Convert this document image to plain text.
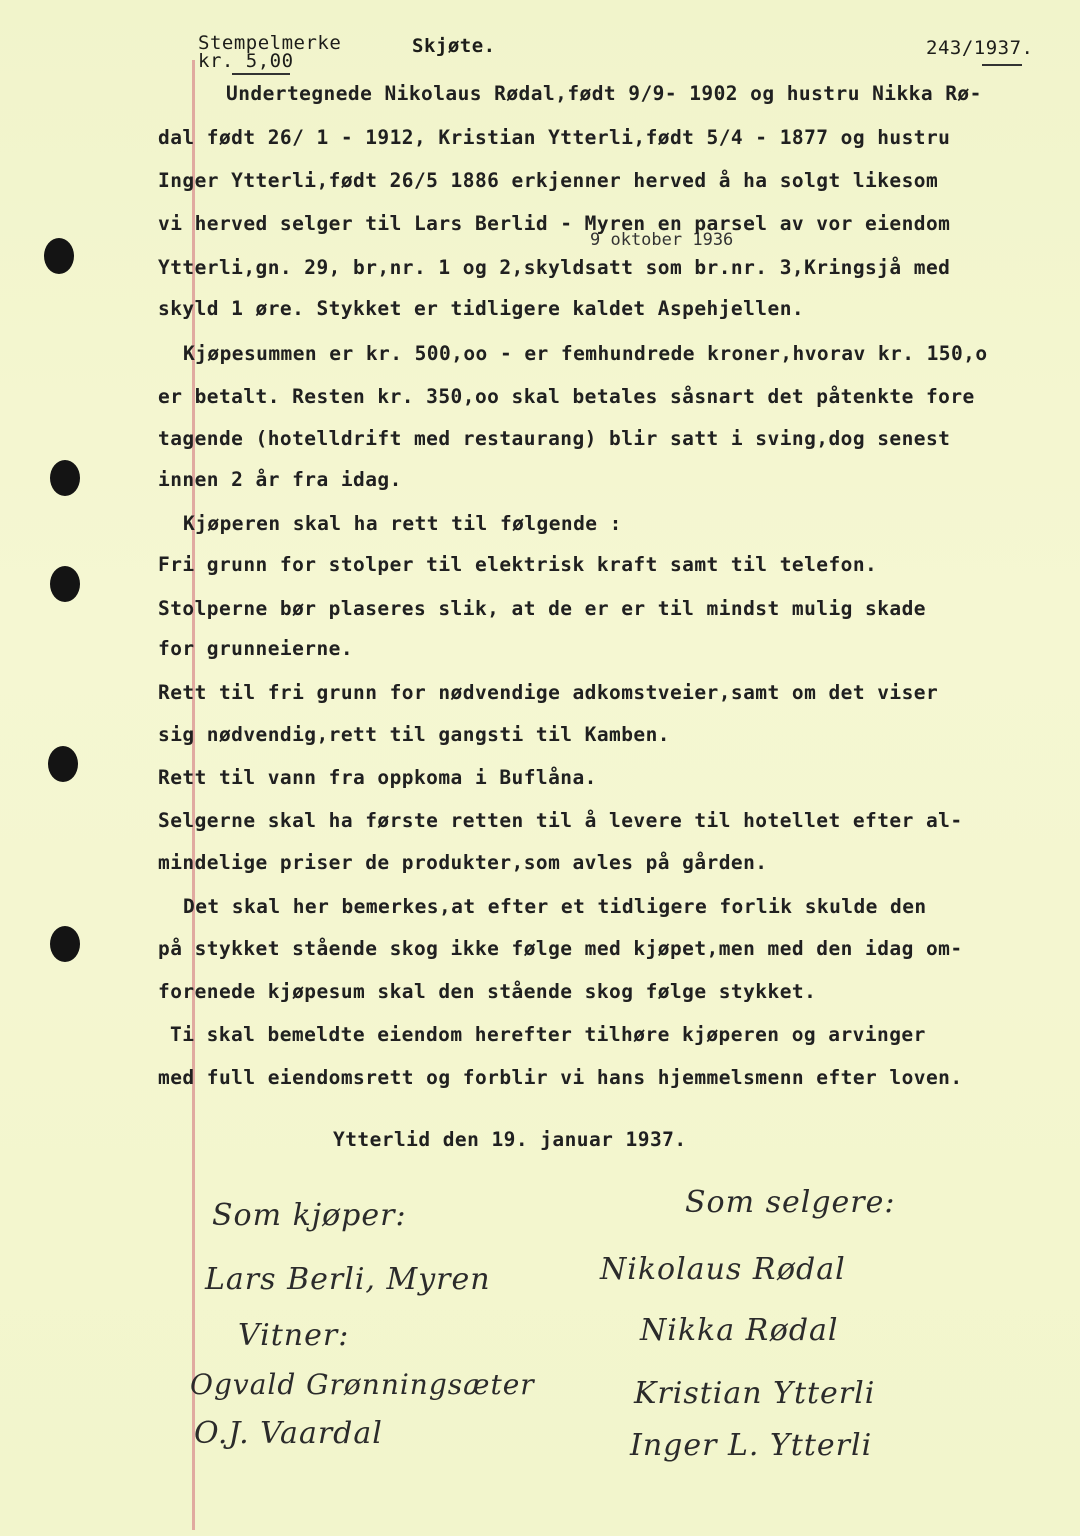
Stempelmerke
kr. 5,00
Skjøte.	243/1937.
9 oktober 1936
Undertegnede Nikolaus Rødal,født 9/9- 1902 og hustru Nikka Rø-
dal født 26/ 1 - 1912, Kristian Ytterli,født 5/4 - 1877 og hustru
Inger Ytterli,født 26/5 1886 erkjenner herved å ha solgt likesom
vi herved selger til Lars Berlid - Myren en parsel av vor eiendom
Ytterli,gn. 29, br,nr. 1 og 2,skyldsatt som br.nr. 3,Kringsjå med
skyld 1 øre. Stykket er tidligere kaldet Aspehjellen.
Kjøpesummen er kr. 500,oo - er femhundrede kroner,hvorav kr. 150,o
er betalt. Resten kr. 350,oo skal betales såsnart det påtenkte fore
tagende (hotelldrift med restaurang) blir satt i sving,dog senest
innen 2 år fra idag.
Kjøperen skal ha rett til følgende :
Fri grunn for stolper til elektrisk kraft samt til telefon.
Stolperne bør plaseres slik, at de er er til mindst mulig skade
for grunneierne.
Rett til fri grunn for nødvendige adkomstveier,samt om det viser
sig nødvendig,rett til gangsti til Kamben.
Rett til vann fra oppkoma i Buflåna.
Selgerne skal ha første retten til å levere til hotellet efter al-
mindelige priser de produkter,som avles på gården.
Det skal her bemerkes,at efter et tidligere forlik skulde den
på stykket stående skog ikke følge med kjøpet,men med den idag om-
forenede kjøpesum skal den stående skog følge stykket.
Ti skal bemeldte eiendom herefter tilhøre kjøperen og arvinger
med full eiendomsrett og forblir vi hans hjemmelsmenn efter loven.
Ytterlid den 19. januar 1937.
Som kjøper:
Lars Berli, Myren
Vitner:
Ogvald Grønningsæter
O.J. Vaardal
Som selgere:
Nikolaus Rødal
Nikka Rødal
Kristian Ytterli
Inger L. Ytterli
